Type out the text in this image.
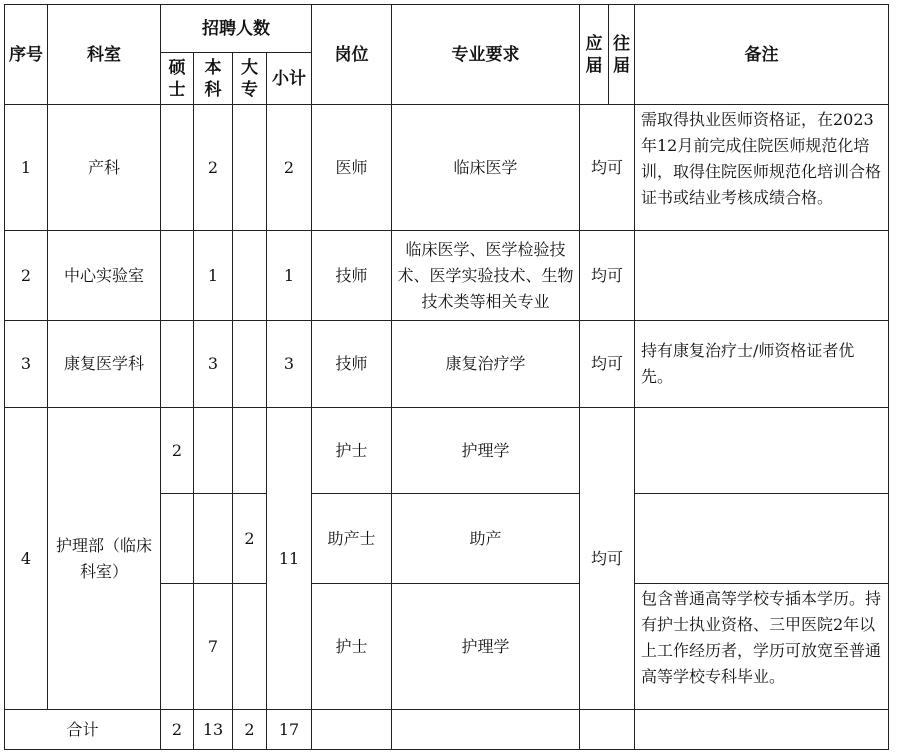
序号	科室	招聘人数				岗位	专业要求	应届	往届	备注
		硕士	本科	大专	小计					
1	产科		2		2	医师	临床医学	均可		需取得执业医师资格证，在2023年12月前完成住院医师规范化培训，取得住院医师规范化培训合格证书或结业考核成绩合格。
2	中心实验室		1		1	技师	临床医学、医学检验技术、医学实验技术、生物技术类等相关专业	均可		
3	康复医学科		3		3	技师	康复治疗学	均可		持有康复治疗士/师资格证者优先。
4	护理部（临床科室）	2			11	护士	护理学	均可		
				2		助产士	助产			
			7			护士	护理学			包含普通高等学校专插本学历。持有护士执业资格、三甲医院2年以上工作经历者，学历可放宽至普通高等学校专科毕业。
合计		2	13	2	17					
